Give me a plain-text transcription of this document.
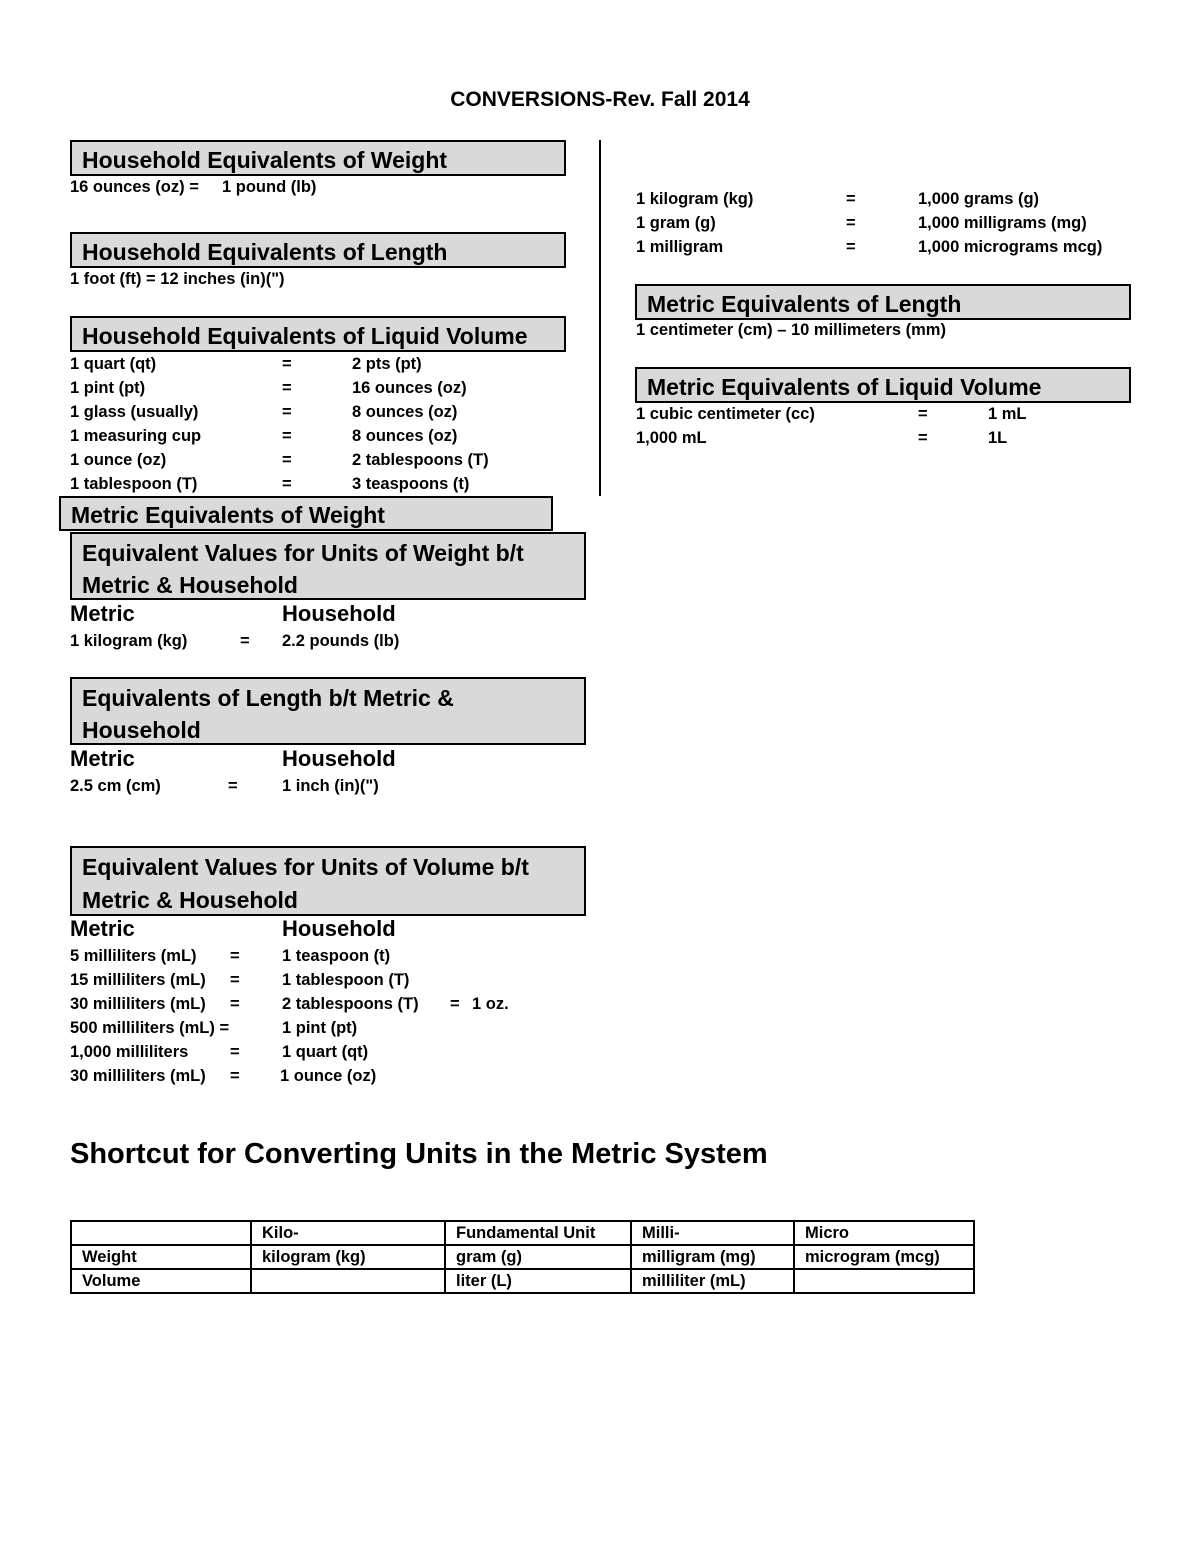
CONVERSIONS-Rev. Fall 2014
Household Equivalents of Weight
16 ounces (oz) = 1 pound (lb)
Household Equivalents of Length
1 foot (ft) = 12 inches (in)(")
Household Equivalents of Liquid Volume
1 quart (qt)	=	2 pts (pt)
1 pint (pt)	=	16 ounces (oz)
1 glass (usually)	=	8 ounces (oz)
1 measuring cup	=	8 ounces (oz)
1 ounce (oz)	=	2 tablespoons (T)
1 tablespoon (T)	=	3 teaspoons (t)
Metric Equivalents of Weight
1 kilogram (kg)	=	1,000 grams (g)
1 gram (g)	=	1,000 milligrams (mg)
1 milligram	=	1,000 micrograms mcg)
Metric Equivalents of Length
1 centimeter (cm) – 10 millimeters (mm)
Metric Equivalents of Liquid Volume
1 cubic centimeter (cc)	=	1 mL
1,000 mL	=	1L
Equivalent Values for Units of Weight b/t
Metric & Household
Metric	Household
1 kilogram (kg)	= 2.2 pounds (lb)
Equivalents of Length b/t Metric &
Household
Metric	Household
2.5 cm (cm)	=	1 inch (in)(")
Equivalent Values for Units of Volume b/t
Metric & Household
Metric	Household
5 milliliters (mL) =	1 teaspoon (t)
15 milliliters (mL) =	1 tablespoon (T)
30 milliliters (mL) =	2 tablespoons (T) = 1 oz.
500 milliliters (mL) =	1 pint (pt)
1,000 milliliters	=	1 quart (qt)
30 milliliters (mL) = 1 ounce (oz)
Shortcut for Converting Units in the Metric System
	Kilo-	Fundamental Unit	Milli-	Micro
Weight	kilogram (kg)	gram (g)	milligram (mg)	microgram (mcg)
Volume		liter (L)	milliliter (mL)	
